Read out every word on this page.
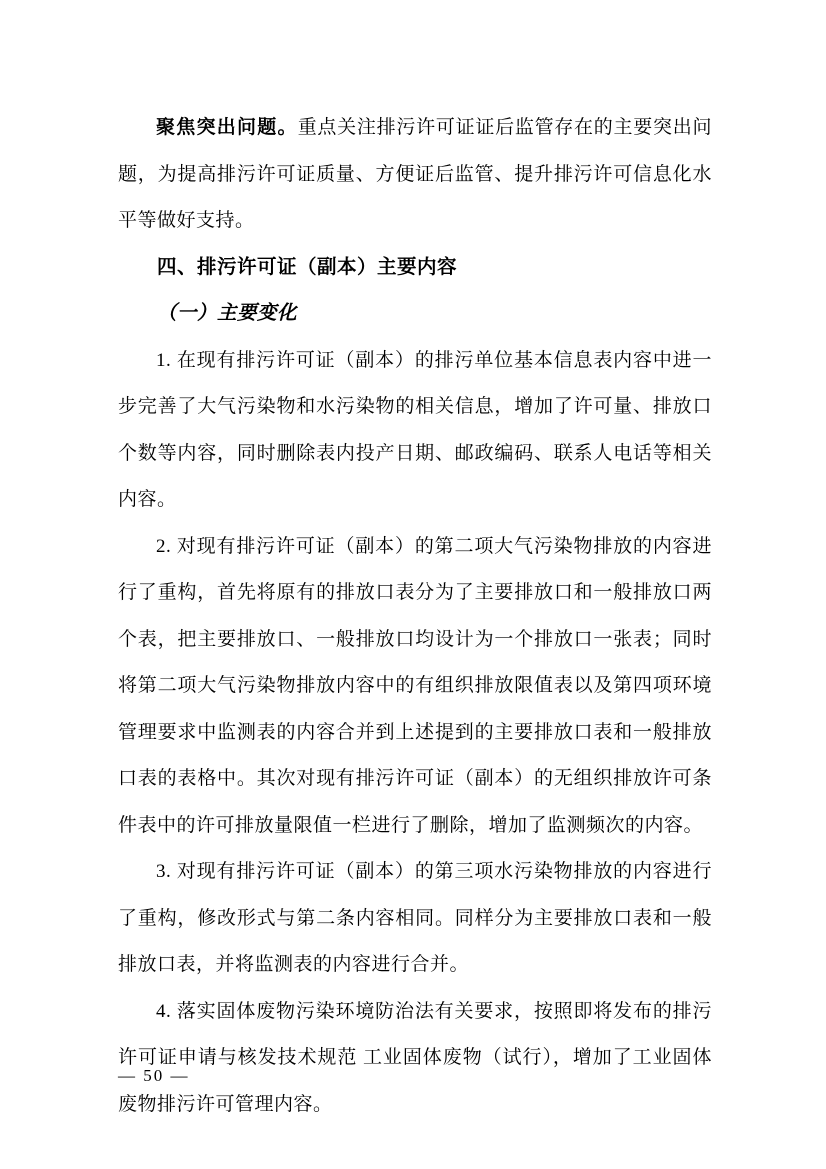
聚焦突出问题。重点关注排污许可证证后监管存在的主要突出问题，为提高排污许可证质量、方便证后监管、提升排污许可信息化水平等做好支持。

四、排污许可证（副本）主要内容
（一）主要变化

1. 在现有排污许可证（副本）的排污单位基本信息表内容中进一步完善了大气污染物和水污染物的相关信息，增加了许可量、排放口个数等内容，同时删除表内投产日期、邮政编码、联系人电话等相关内容。

2. 对现有排污许可证（副本）的第二项大气污染物排放的内容进行了重构，首先将原有的排放口表分为了主要排放口和一般排放口两个表，把主要排放口、一般排放口均设计为一个排放口一张表；同时将第二项大气污染物排放内容中的有组织排放限值表以及第四项环境管理要求中监测表的内容合并到上述提到的主要排放口表和一般排放口表的表格中。其次对现有排污许可证（副本）的无组织排放许可条件表中的许可排放量限值一栏进行了删除，增加了监测频次的内容。

3. 对现有排污许可证（副本）的第三项水污染物排放的内容进行了重构，修改形式与第二条内容相同。同样分为主要排放口表和一般排放口表，并将监测表的内容进行合并。

4. 落实固体废物污染环境防治法有关要求，按照即将发布的排污许可证申请与核发技术规范 工业固体废物（试行），增加了工业固体废物排污许可管理内容。

— 50 —
